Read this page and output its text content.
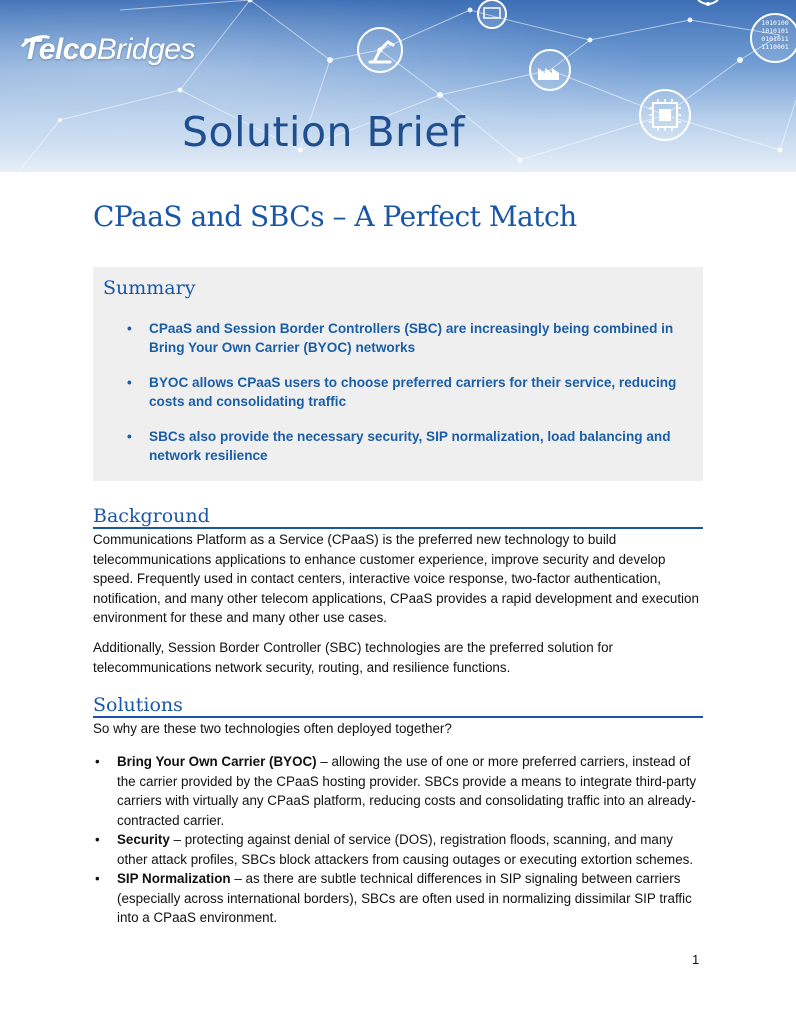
1010100
1010101
0101011
1110001
TelcoBridges
Solution Brief
CPaaS and SBCs – A Perfect Match
Summary
• CPaaS and Session Border Controllers (SBC) are increasingly being combined in Bring Your Own Carrier (BYOC) networks
• BYOC allows CPaaS users to choose preferred carriers for their service, reducing costs and consolidating traffic
• SBCs also provide the necessary security, SIP normalization, load balancing and network resilience
Background

Communications Platform as a Service (CPaaS) is the preferred new technology to build telecommunications applications to enhance customer experience, improve security and develop speed. Frequently used in contact centers, interactive voice response, two-factor authentication, notification, and many other telecom applications, CPaaS provides a rapid development and execution environment for these and many other use cases.

Additionally, Session Border Controller (SBC) technologies are the preferred solution for telecommunications network security, routing, and resilience functions.

Solutions

So why are these two technologies often deployed together?

• Bring Your Own Carrier (BYOC) – allowing the use of one or more preferred carriers, instead of the carrier provided by the CPaaS hosting provider. SBCs provide a means to integrate third-party carriers with virtually any CPaaS platform, reducing costs and consolidating traffic into an already-contracted carrier.
• Security – protecting against denial of service (DOS), registration floods, scanning, and many other attack profiles, SBCs block attackers from causing outages or executing extortion schemes.
• SIP Normalization – as there are subtle technical differences in SIP signaling between carriers (especially across international borders), SBCs are often used in normalizing dissimilar SIP traffic into a CPaaS environment.
1
